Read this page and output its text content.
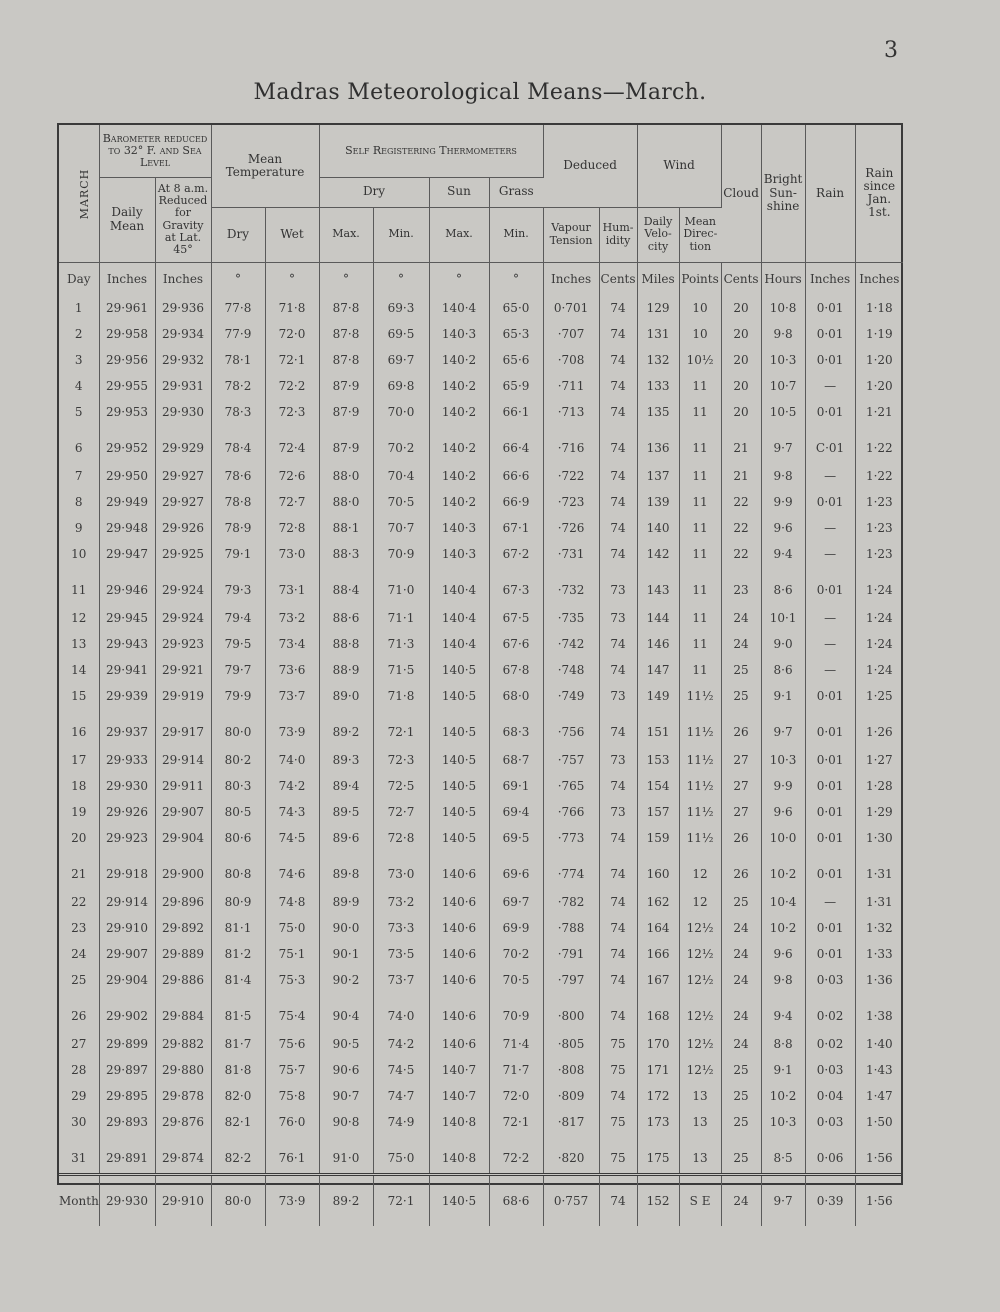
3
Madras Meteorological Means—March.
MARCH	Barometer reduced to 32° F. and Sea Level		Mean Temperature		Self Registering Thermometers				Deduced		Wind		Cloud	Bright Sun-shine	Rain	Rain since Jan. 1st.
	Daily Mean	At 8 a.m. Reduced for Gravity at Lat. 45°			Dry		Sun	Grass								
			Dry	Wet	Max.	Min.	Max.	Min.	Vapour Tension	Hum-idity	Daily Velo-city	Mean Direc-tion				
Day	Inches	Inches	°	°	°	°	°	°	Inches	Cents	Miles	Points	Cents	Hours	Inches	Inches
1	29·961	29·936	77·8	71·8	87·8	69·3	140·4	65·0	0·701	74	129	10	20	10·8	0·01	1·18
2	29·958	29·934	77·9	72·0	87·8	69·5	140·3	65·3	·707	74	131	10	20	9·8	0·01	1·19
3	29·956	29·932	78·1	72·1	87·8	69·7	140·2	65·6	·708	74	132	10½	20	10·3	0·01	1·20
4	29·955	29·931	78·2	72·2	87·9	69·8	140·2	65·9	·711	74	133	11	20	10·7	—	1·20
5	29·953	29·930	78·3	72·3	87·9	70·0	140·2	66·1	·713	74	135	11	20	10·5	0·01	1·21
6	29·952	29·929	78·4	72·4	87·9	70·2	140·2	66·4	·716	74	136	11	21	9·7	C·01	1·22
7	29·950	29·927	78·6	72·6	88·0	70·4	140·2	66·6	·722	74	137	11	21	9·8	—	1·22
8	29·949	29·927	78·8	72·7	88·0	70·5	140·2	66·9	·723	74	139	11	22	9·9	0·01	1·23
9	29·948	29·926	78·9	72·8	88·1	70·7	140·3	67·1	·726	74	140	11	22	9·6	—	1·23
10	29·947	29·925	79·1	73·0	88·3	70·9	140·3	67·2	·731	74	142	11	22	9·4	—	1·23
11	29·946	29·924	79·3	73·1	88·4	71·0	140·4	67·3	·732	73	143	11	23	8·6	0·01	1·24
12	29·945	29·924	79·4	73·2	88·6	71·1	140·4	67·5	·735	73	144	11	24	10·1	—	1·24
13	29·943	29·923	79·5	73·4	88·8	71·3	140·4	67·6	·742	74	146	11	24	9·0	—	1·24
14	29·941	29·921	79·7	73·6	88·9	71·5	140·5	67·8	·748	74	147	11	25	8·6	—	1·24
15	29·939	29·919	79·9	73·7	89·0	71·8	140·5	68·0	·749	73	149	11½	25	9·1	0·01	1·25
16	29·937	29·917	80·0	73·9	89·2	72·1	140·5	68·3	·756	74	151	11½	26	9·7	0·01	1·26
17	29·933	29·914	80·2	74·0	89·3	72·3	140·5	68·7	·757	73	153	11½	27	10·3	0·01	1·27
18	29·930	29·911	80·3	74·2	89·4	72·5	140·5	69·1	·765	74	154	11½	27	9·9	0·01	1·28
19	29·926	29·907	80·5	74·3	89·5	72·7	140·5	69·4	·766	73	157	11½	27	9·6	0·01	1·29
20	29·923	29·904	80·6	74·5	89·6	72·8	140·5	69·5	·773	74	159	11½	26	10·0	0·01	1·30
21	29·918	29·900	80·8	74·6	89·8	73·0	140·6	69·6	·774	74	160	12	26	10·2	0·01	1·31
22	29·914	29·896	80·9	74·8	89·9	73·2	140·6	69·7	·782	74	162	12	25	10·4	—	1·31
23	29·910	29·892	81·1	75·0	90·0	73·3	140·6	69·9	·788	74	164	12½	24	10·2	0·01	1·32
24	29·907	29·889	81·2	75·1	90·1	73·5	140·6	70·2	·791	74	166	12½	24	9·6	0·01	1·33
25	29·904	29·886	81·4	75·3	90·2	73·7	140·6	70·5	·797	74	167	12½	24	9·8	0·03	1·36
26	29·902	29·884	81·5	75·4	90·4	74·0	140·6	70·9	·800	74	168	12½	24	9·4	0·02	1·38
27	29·899	29·882	81·7	75·6	90·5	74·2	140·6	71·4	·805	75	170	12½	24	8·8	0·02	1·40
28	29·897	29·880	81·8	75·7	90·6	74·5	140·7	71·7	·808	75	171	12½	25	9·1	0·03	1·43
29	29·895	29·878	82·0	75·8	90·7	74·7	140·7	72·0	·809	74	172	13	25	10·2	0·04	1·47
30	29·893	29·876	82·1	76·0	90·8	74·9	140·8	72·1	·817	75	173	13	25	10·3	0·03	1·50
31	29·891	29·874	82·2	76·1	91·0	75·0	140·8	72·2	·820	75	175	13	25	8·5	0·06	1·56
Month	29·930	29·910	80·0	73·9	89·2	72·1	140·5	68·6	0·757	74	152	S E	24	9·7	0·39	1·56
